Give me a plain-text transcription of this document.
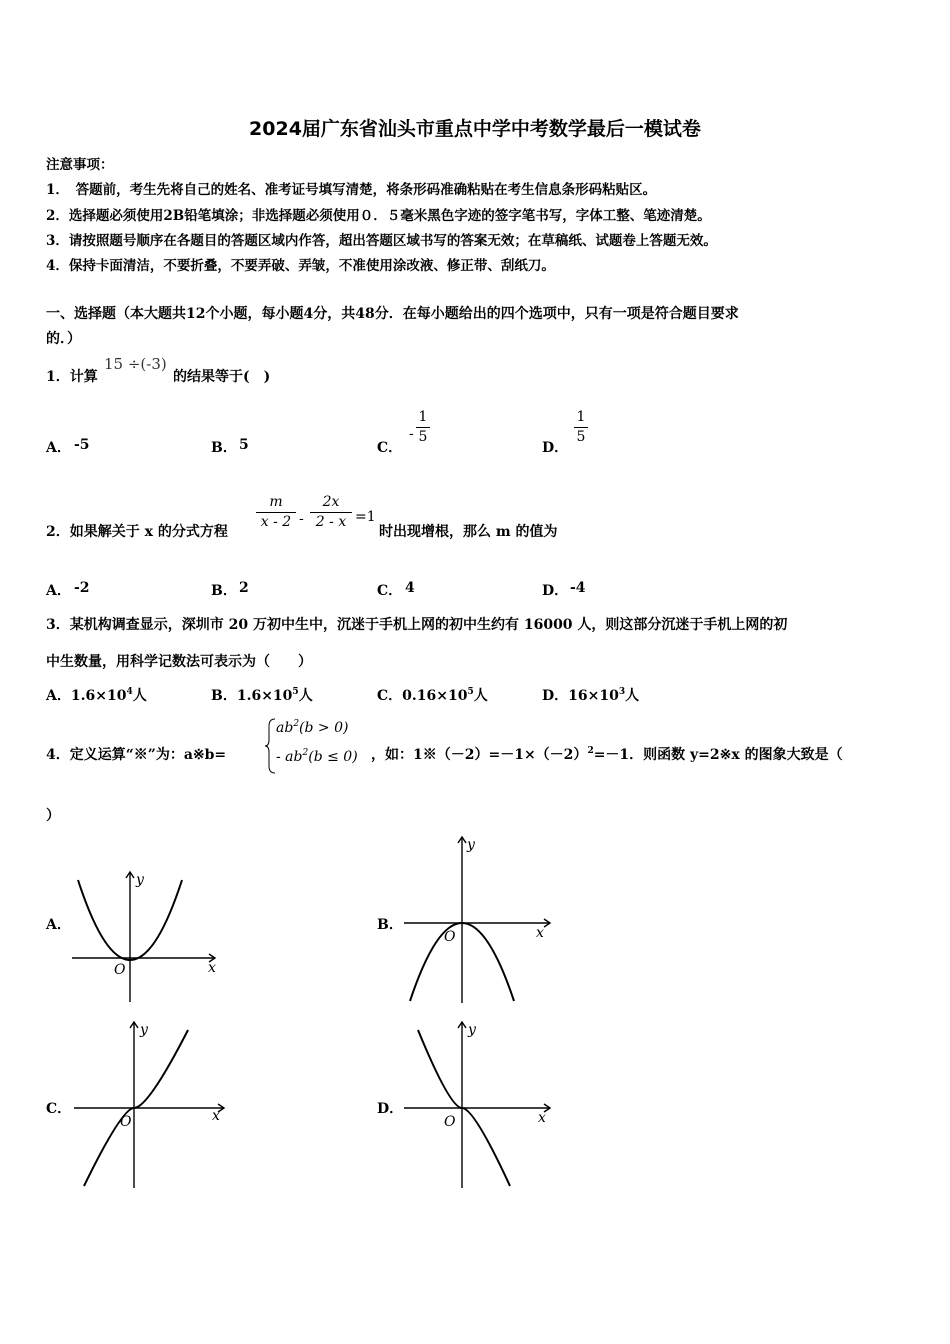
2024届广东省汕头市重点中学中考数学最后一模试卷
注意事项：
1．　答题前，考生先将自己的姓名、准考证号填写清楚，将条形码准确粘贴在考生信息条形码粘贴区。
2．选择题必须使用2B铅笔填涂；非选择题必须使用０．５毫米黑色字迹的签字笔书写，字体工整、笔迹清楚。
3．请按照题号顺序在各题目的答题区域内作答，超出答题区域书写的答案无效；在草稿纸、试题卷上答题无效。
4．保持卡面清洁，不要折叠，不要弄破、弄皱，不准使用涂改液、修正带、刮纸刀。
一、选择题（本大题共12个小题，每小题4分，共48分．在每小题给出的四个选项中，只有一项是符合题目要求
的．）
1．计算
15 ÷(-3)
的结果等于(　)
A． -5	B． 5	C．
-
1
5
D．
1
5
2．如果解关于 x 的分式方程
m
x - 2 -
2x
2 - x =1
时出现增根，那么 m 的值为
A． -2	B． 2	C． 4	D． -4
3．某机构调查显示，深圳市 20 万初中生中，沉迷于手机上网的初中生约有 16000 人，则这部分沉迷于手机上网的初
中生数量，用科学记数法可表示为（　　）
A．$1.6\times 10^4$人	B．$1.6\times 10^5$人	C．$0.16\times 10^5$人	D．$16\times 10^3$人
4．定义运算“※”为：a※b=
$ab^2(b > 0)$
- $ab^2(b \le 0)$ ，如：$1※(-2)=-1\times(-2)^2=-1$．则函数 y=2※x 的图象大致是（
）
A．	B．
C．	D．
y
x
O
y
x
O
y
x
O
y
x
O
